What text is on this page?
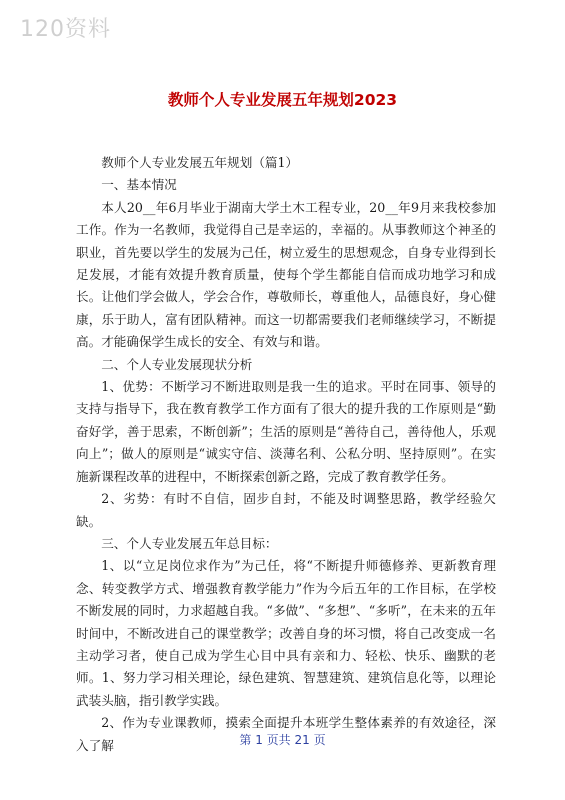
120资料
教师个人专业发展五年规划2023

教师个人专业发展五年规划（篇1）

一、基本情况

本人20__年6月毕业于湖南大学土木工程专业，20__年9月来我校参加工作。作为一名教师，我觉得自己是幸运的，幸福的。从事教师这个神圣的职业，首先要以学生的发展为己任，树立爱生的思想观念，自身专业得到长足发展，才能有效提升教育质量，使每个学生都能自信而成功地学习和成长。让他们学会做人，学会合作，尊敬师长，尊重他人，品德良好，身心健康，乐于助人，富有团队精神。而这一切都需要我们老师继续学习，不断提高。才能确保学生成长的安全、有效与和谐。

二、个人专业发展现状分析

1、优势：不断学习不断进取则是我一生的追求。平时在同事、领导的支持与指导下，我在教育教学工作方面有了很大的提升我的工作原则是“勤奋好学，善于思索，不断创新”；生活的原则是“善待自己，善待他人，乐观向上”；做人的原则是“诚实守信、淡薄名利、公私分明、坚持原则”。在实施新课程改革的进程中，不断探索创新之路，完成了教育教学任务。

2、劣势：有时不自信，固步自封，不能及时调整思路，教学经验欠缺。

三、个人专业发展五年总目标：

1、以“立足岗位求作为”为己任，将“不断提升师德修养、更新教育理念、转变教学方式、增强教育教学能力”作为今后五年的工作目标，在学校不断发展的同时，力求超越自我。“多做”、“多想”、“多听”，在未来的五年时间中，不断改进自己的课堂教学；改善自身的坏习惯，将自己改变成一名主动学习者，使自己成为学生心目中具有亲和力、轻松、快乐、幽默的老师。1、努力学习相关理论，绿色建筑、智慧建筑、建筑信息化等，以理论武装头脑，指引教学实践。

2、作为专业课教师，摸索全面提升本班学生整体素养的有效途径，深入了解	第 1 页共 21 页
